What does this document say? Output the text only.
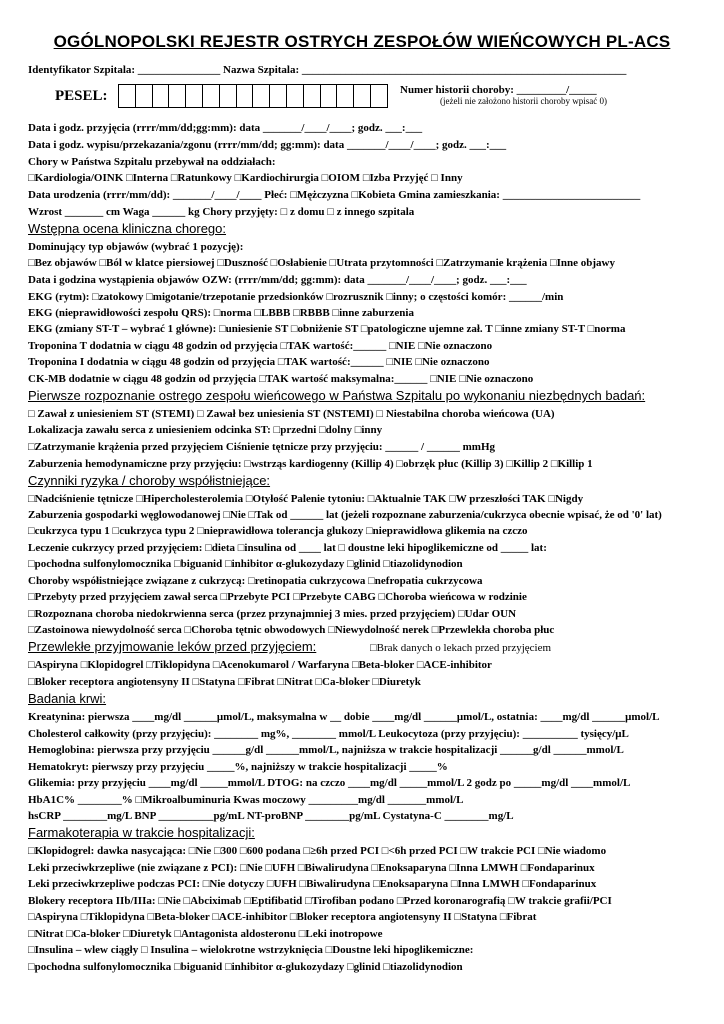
OGÓLNOPOLSKI REJESTR OSTRYCH ZESPOŁÓW WIEŃCOWYCH PL-ACS
Identyfikator Szpitala: _______________ Nazwa Szpitala: ___________________________________________________________
PESEL:	Numer historii choroby: _________/_____
(jeżeli nie założono historii choroby wpisać 0)
Data i godz. przyjęcia (rrrr/mm/dd;gg:mm): data _______/____/____; godz. ___:___
Data i godz. wypisu/przekazania/zgonu (rrrr/mm/dd; gg:mm): data _______/____/____; godz. ___:___
Chory w Państwa Szpitalu przebywał na oddziałach:
□Kardiologia/OINK □Interna □Ratunkowy □Kardiochirurgia □OIOM □Izba Przyjęć □ Inny
Data urodzenia (rrrr/mm/dd): _______/____/____ Płeć: □Mężczyzna □Kobieta Gmina zamieszkania: _________________________
Wzrost _______ cm Waga ______ kg Chory przyjęty: □ z domu □ z innego szpitala
Dominujący typ objawów (wybrać 1 pozycję):
□Bez objawów □Ból w klatce piersiowej □Duszność □Osłabienie □Utrata przytomności □Zatrzymanie krążenia □Inne objawy
Data i godzina wystąpienia objawów OZW: (rrrr/mm/dd; gg:mm): data _______/____/____; godz. ___:___
EKG (rytm): □zatokowy □migotanie/trzepotanie przedsionków □rozrusznik □inny; o częstości komór: ______/min
EKG (nieprawidłowości zespołu QRS): □norma □LBBB □RBBB □inne zaburzenia
EKG (zmiany ST-T – wybrać 1 główne): □uniesienie ST □obniżenie ST □patologiczne ujemne zał. T □inne zmiany ST-T □norma
Troponina T dodatnia w ciągu 48 godzin od przyjęcia □TAK wartość:______ □NIE □Nie oznaczono
Troponina I dodatnia w ciągu 48 godzin od przyjęcia □TAK wartość:______ □NIE □Nie oznaczono
CK-MB dodatnie w ciągu 48 godzin od przyjęcia □TAK wartość maksymalna:______ □NIE □Nie oznaczono
□ Zawał z uniesieniem ST (STEMI) □ Zawał bez uniesienia ST (NSTEMI) □ Niestabilna choroba wieńcowa (UA)
Lokalizacja zawału serca z uniesieniem odcinka ST: □przedni □dolny □inny
□Zatrzymanie krążenia przed przyjęciem Ciśnienie tętnicze przy przyjęciu: ______ / ______ mmHg
Zaburzenia hemodynamiczne przy przyjęciu: □wstrząs kardiogenny (Killip 4) □obrzęk płuc (Killip 3) □Killip 2 □Killip 1
□Nadciśnienie tętnicze □Hipercholesterolemia □Otyłość Palenie tytoniu: □Aktualnie TAK □W przeszłości TAK □Nigdy
Zaburzenia gospodarki węglowodanowej □Nie □Tak od ______ lat (jeżeli rozpoznane zaburzenia/cukrzyca obecnie wpisać, że od '0' lat)
□cukrzyca typu 1 □cukrzyca typu 2 □nieprawidłowa tolerancja glukozy □nieprawidłowa glikemia na czczo
Leczenie cukrzycy przed przyjęciem: □dieta □insulina od ____ lat □ doustne leki hipoglikemiczne od _____ lat:
□pochodna sulfonylomocznika □biguanid □inhibitor α-glukozydazy □glinid □tiazolidynodion
Choroby współistniejące związane z cukrzycą: □retinopatia cukrzycowa □nefropatia cukrzycowa
□Przebyty przed przyjęciem zawał serca □Przebyte PCI □Przebyte CABG □Choroba wieńcowa w rodzinie
□Rozpoznana choroba niedokrwienna serca (przez przynajmniej 3 mies. przed przyjęciem) □Udar OUN
□Zastoinowa niewydolność serca □Choroba tętnic obwodowych □Niewydolność nerek □Przewlekła choroba płuc
□Aspiryna □Klopidogrel □Tiklopidyna □Acenokumarol / Warfaryna □Beta-bloker □ACE-inhibitor
□Bloker receptora angiotensyny II □Statyna □Fibrat □Nitrat □Ca-bloker □Diuretyk
Kreatynina: pierwsza ____mg/dl ______μmol/L, maksymalna w __ dobie ____mg/dl ______μmol/L, ostatnia: ____mg/dl ______μmol/L
Cholesterol całkowity (przy przyjęciu): ________ mg%, ________ mmol/L Leukocytoza (przy przyjęciu): __________ tysięcy/μL
Hemoglobina: pierwsza przy przyjęciu ______g/dl ______mmol/L, najniższa w trakcie hospitalizacji ______g/dl ______mmol/L
Hematokryt: pierwszy przy przyjęciu _____%, najniższy w trakcie hospitalizacji _____%
Glikemia: przy przyjęciu ____mg/dl _____mmol/L DTOG: na czczo ____mg/dl _____mmol/L 2 godz po _____mg/dl ____mmol/L
HbA1C% ________% □Mikroalbuminuria Kwas moczowy _________mg/dl _______mmol/L
hsCRP ________mg/L BNP __________pg/mL NT-proBNP ________pg/mL Cystatyna-C ________mg/L
□Klopidogrel: dawka nasycająca: □Nie □300 □600 podana □≥6h przed PCI □<6h przed PCI □W trakcie PCI □Nie wiadomo
Leki przeciwkrzepliwe (nie związane z PCI): □Nie □UFH □Biwalirudyna □Enoksaparyna □Inna LMWH □Fondaparinux
Leki przeciwkrzepliwe podczas PCI: □Nie dotyczy □UFH □Biwalirudyna □Enoksaparyna □Inna LMWH □Fondaparinux
Blokery receptora IIb/IIIa: □Nie □Abciximab □Eptifibatid □Tirofiban podano □Przed koronarografią □W trakcie grafii/PCI
□Aspiryna □Tiklopidyna □Beta-bloker □ACE-inhibitor □Bloker receptora angiotensyny II □Statyna □Fibrat
□Nitrat □Ca-bloker □Diuretyk □Antagonista aldosteronu □Leki inotropowe
□Insulina – wlew ciągły □ Insulina – wielokrotne wstrzyknięcia □Doustne leki hipoglikemiczne:
□pochodna sulfonylomocznika □biguanid □inhibitor α-glukozydazy □glinid □tiazolidynodion
Wstępna ocena kliniczna chorego:
Pierwsze rozpoznanie ostrego zespołu wieńcowego w Państwa Szpitalu po wykonaniu niezbędnych badań:
Czynniki ryzyka / choroby współistniejące:
Przewlekłe przyjmowanie leków przed przyjęciem:
Badania krwi:
Farmakoterapia w trakcie hospitalizacji:
□Brak danych o lekach przed przyjęciem
